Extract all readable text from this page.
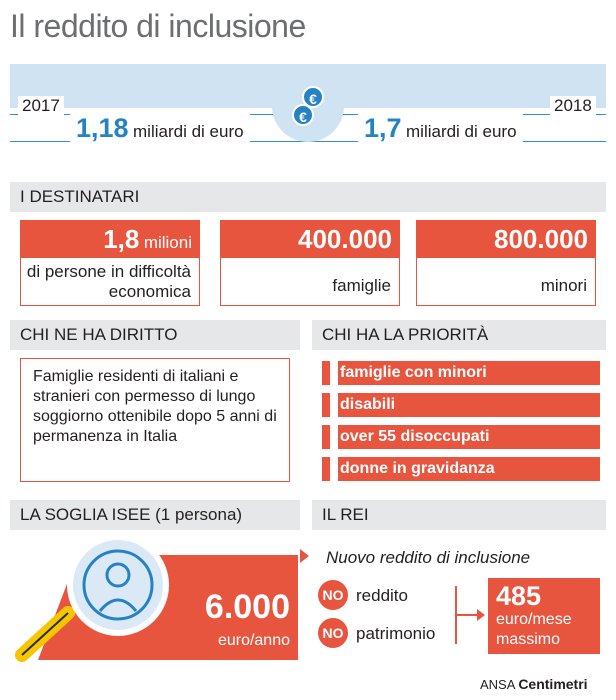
Il reddito di inclusione
2017
1,18 miliardi di euro
€
€ 1,7 miliardi di euro
2018
I DESTINATARI
1,8 milioni
di persone in difficoltà economica
400.000
famiglie
800.000
minori
CHI NE HA DIRITTO
Famiglie residenti di italiani e stranieri con permesso di lungo soggiorno ottenibile dopo 5 anni di permanenza in Italia
CHI HA LA PRIORITÀ
famiglie con minori
disabili
over 55 disoccupati
donne in gravidanza
LA SOGLIA ISEE (1 persona)
6.000
euro/anno
IL REI
Nuovo reddito di inclusione
NO reddito
NO patrimonio
485
euro/mese
massimo
ANSA Centimetri
